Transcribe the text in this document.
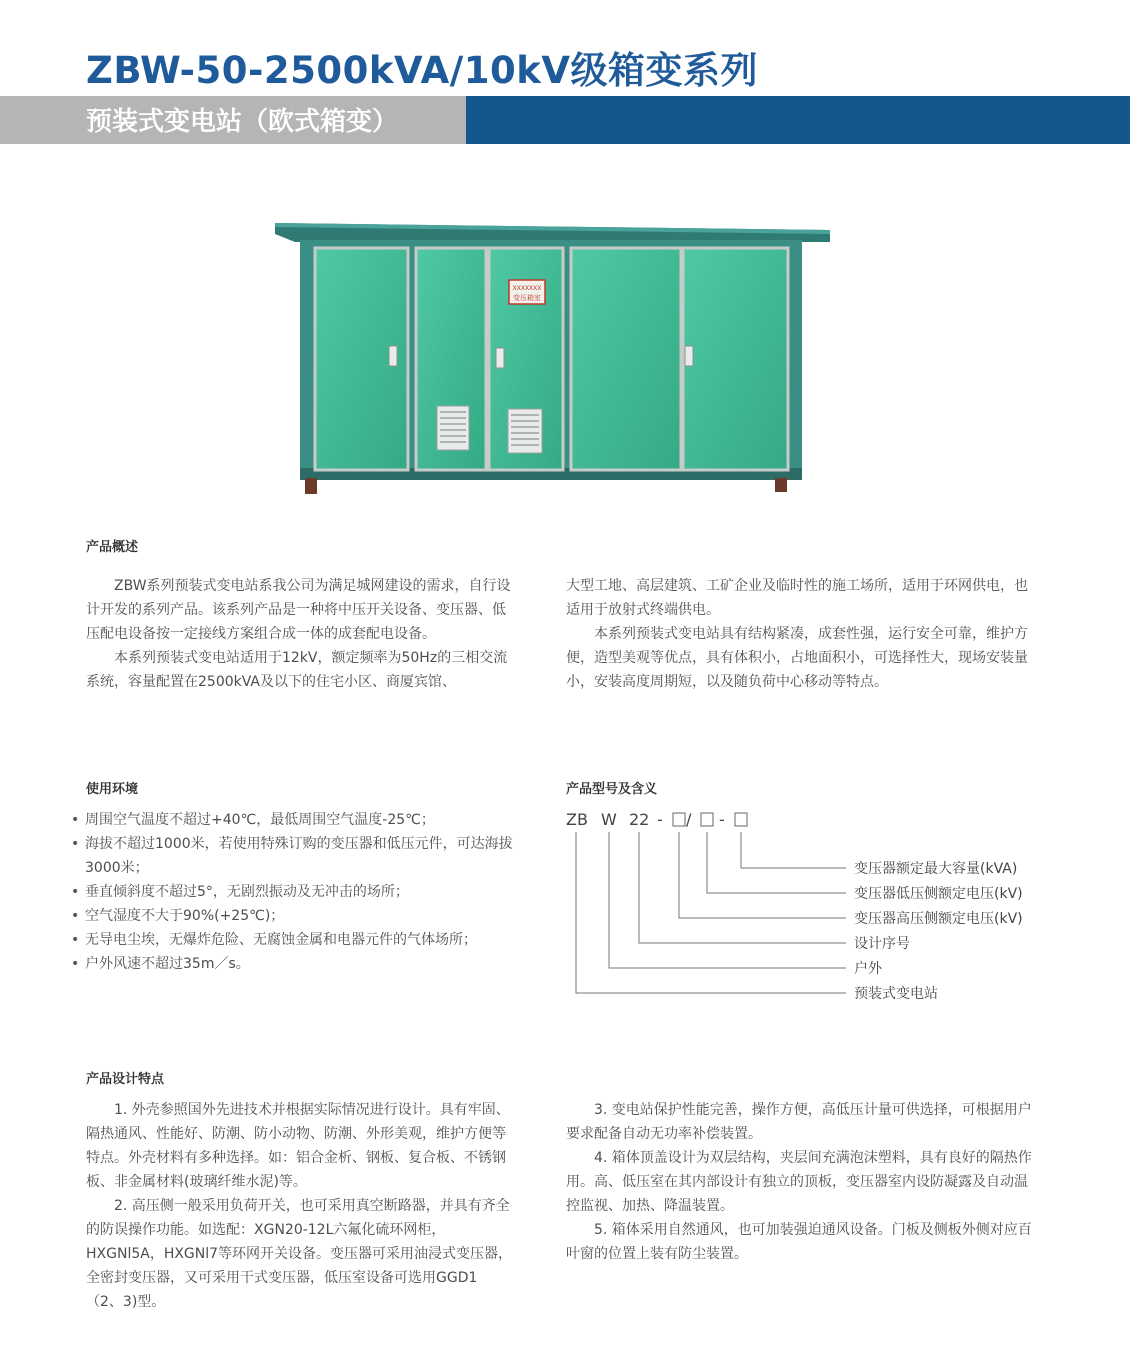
ZBW-50-2500kVA/10kV级箱变系列
预装式变电站（欧式箱变）
XXXXXXX
变压箱室
产品概述
ZBW系列预装式变电站系我公司为满足城网建设的需求，自行设计开发的系列产品。该系列产品是一种将中压开关设备、变压器、低压配电设备按一定接线方案组合成一体的成套配电设备。
本系列预装式变电站适用于12kV，额定频率为50Hz的三相交流系统，容量配置在2500kVA及以下的住宅小区、商厦宾馆、
大型工地、高层建筑、工矿企业及临时性的施工场所，适用于环网供电，也适用于放射式终端供电。
本系列预装式变电站具有结构紧凑，成套性强，运行安全可靠，维护方便，造型美观等优点，具有体积小，占地面积小，可选择性大，现场安装量小，安装高度周期短，以及随负荷中心移动等特点。
使用环境
• 周围空气温度不超过+40℃，最低周围空气温度-25℃；
• 海拔不超过1000米，若使用特殊订购的变压器和低压元件，可达海拔3000米；
• 垂直倾斜度不超过5°，无剧烈振动及无冲击的场所；
• 空气湿度不大于90%(+25℃)；
• 无导电尘埃，无爆炸危险、无腐蚀金属和电器元件的气体场所；
• 户外风速不超过35m／s。
产品型号及含义
ZB W 22 - / -
变压器额定最大容量(kVA)
变压器低压侧额定电压(kV)
变压器高压侧额定电压(kV)
设计序号
户外
预装式变电站
产品设计特点
1. 外壳参照国外先进技术并根据实际情况进行设计。具有牢固、隔热通风、性能好、防潮、防小动物、防潮、外形美观，维护方便等特点。外壳材料有多种选择。如：铝合金析、钢板、复合板、不锈钢板、非金属材料(玻璃纤维水泥)等。
2. 高压侧一般采用负荷开关，也可采用真空断路器，并具有齐全的防误操作功能。如选配：XGN20-12L六氟化硫环网柜，HXGNl5A，HXGNl7等环网开关设备。变压器可采用油浸式变压器，全密封变压器，又可采用干式变压器，低压室设备可选用GGD1（2、3)型。
3. 变电站保护性能完善，操作方便，高低压计量可供选择，可根据用户要求配备自动无功率补偿装置。
4. 箱体顶盖设计为双层结构，夹层间充满泡沫塑料，具有良好的隔热作用。高、低压室在其内部设计有独立的顶板，变压器室内设防凝露及自动温控监视、加热、降温装置。
5. 箱体采用自然通风，也可加装强迫通风设备。门板及侧板外侧对应百叶窗的位置上装有防尘装置。
